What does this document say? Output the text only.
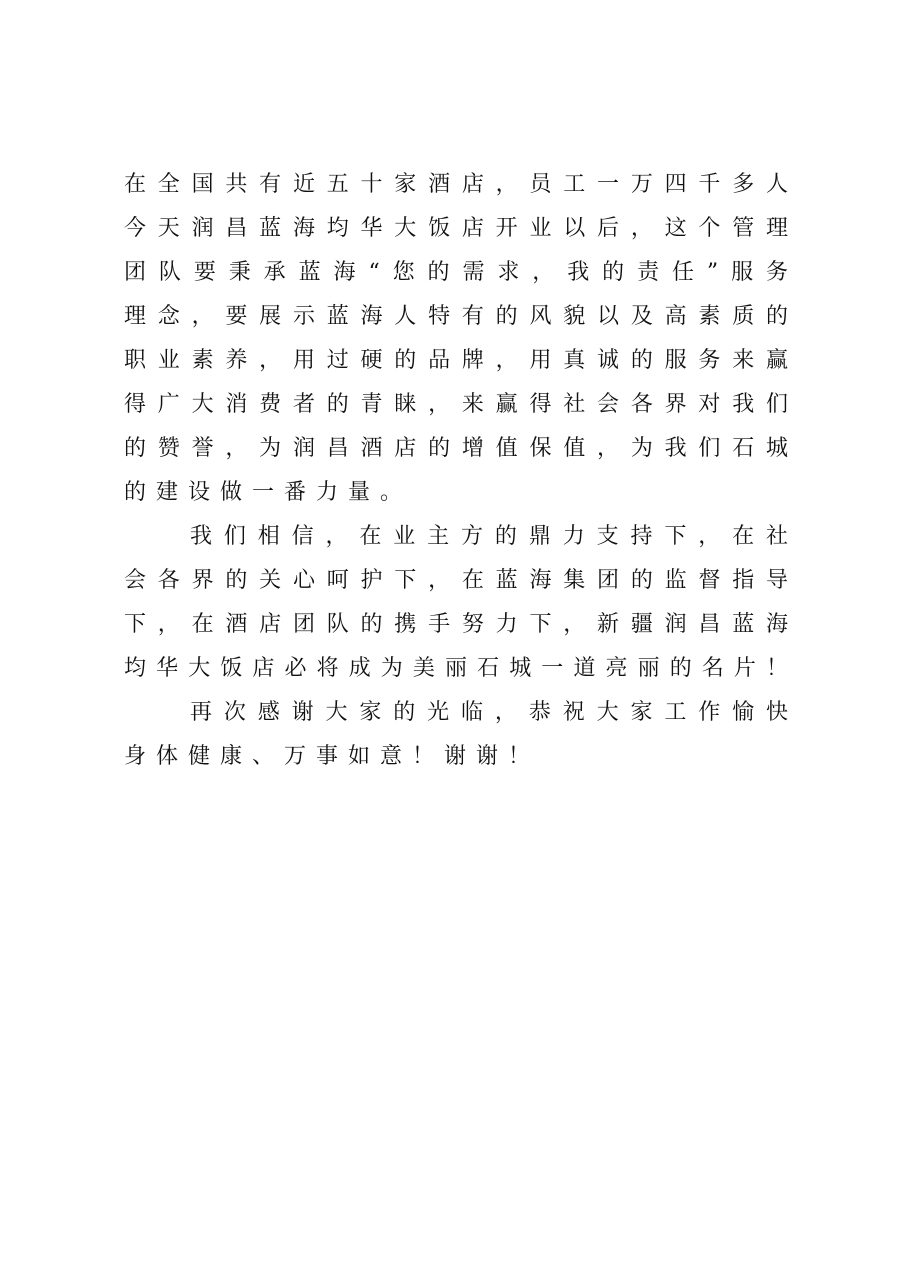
在全国共有近五十家酒店，员工一万四千多人
今天润昌蓝海均华大饭店开业以后，这个管理
团队要秉承蓝海“您的需求，我的责任”服务
理念，要展示蓝海人特有的风貌以及高素质的
职业素养，用过硬的品牌，用真诚的服务来赢
得广大消费者的青睐，来赢得社会各界对我们
的赞誉，为润昌酒店的增值保值，为我们石城
的建设做一番力量。
我们相信，在业主方的鼎力支持下，在社
会各界的关心呵护下，在蓝海集团的监督指导
下，在酒店团队的携手努力下，新疆润昌蓝海
均华大饭店必将成为美丽石城一道亮丽的名片！
再次感谢大家的光临，恭祝大家工作愉快
身体健康、万事如意！谢谢！
